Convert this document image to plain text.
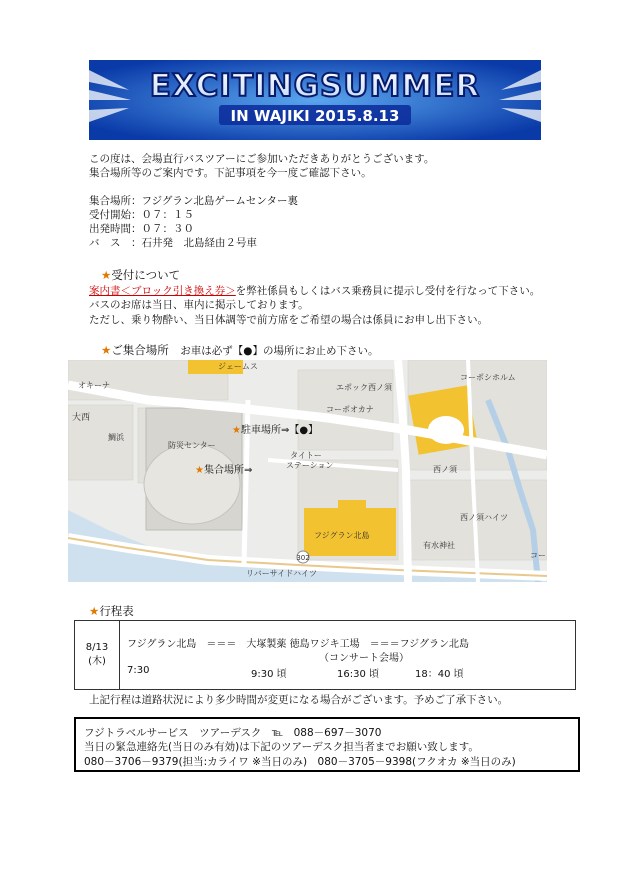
EXCITINGSUMMER
IN WAJIKI 2015.8.13
この度は、会場直行バスツアーにご参加いただきありがとうございます。
集合場所等のご案内です。下記事項を今一度ご確認下さい。
集合場所：フジグラン北島ゲームセンター裏
受付開始：０７：１５
出発時間：０７：３０
バ　ス　：石井発　北島経由２号車
★受付について
案内書＜ブロック引き換え券＞を弊社係員もしくはバス乗務員に提示し受付を行なって下さい。
バスのお席は当日、車内に掲示しております。
ただし、乗り物酔い、当日体調等で前方席をご希望の場合は係員にお申し出下さい。
★ご集合場所　 お車は必ず【●】の場所にお止め下さい。
302
ジェームス
オキーナ
大西
鯛浜
防災センター
エポック西ノ須
コーポオカナ
コーポシホルム
タイトー
ステーション	西ノ須
西ノ須ハイツ
有水神社
フジグラン北島
リバーサイドハイツ
コー
★駐車場所⇒【●】
★集合場所⇒
★行程表
8/13
(木)
フジグラン北島　＝＝＝　大塚製薬 徳島ワジキ工場　＝＝＝フジグラン北島
（コンサート会場）
7:30	9:30 頃	16:30 頃	18：40 頃
上記行程は道路状況により多少時間が変更になる場合がございます。予めご了承下さい。
フジトラベルサービス　ツアーデスク　℡　088－697－3070
当日の緊急連絡先(当日のみ有効)は下記のツアーデスク担当者までお願い致します。
080－3706－9379(担当:カライワ ※当日のみ)　080－3705－9398(フクオカ ※当日のみ)
